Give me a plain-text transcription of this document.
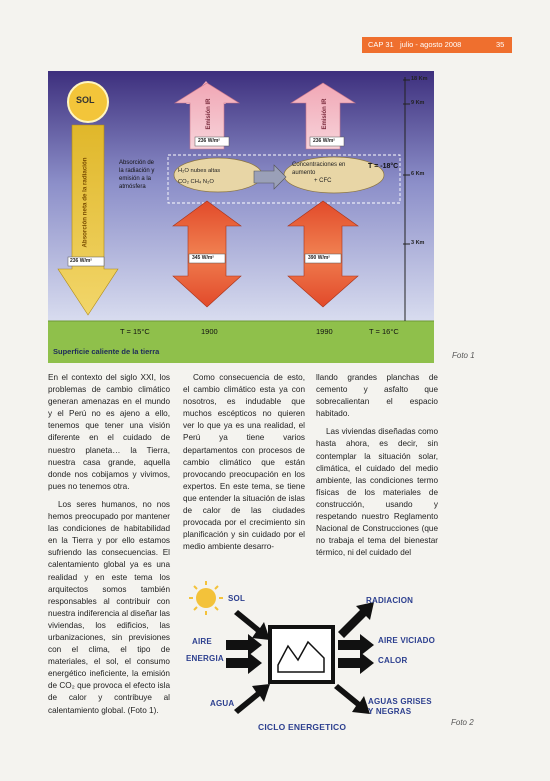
CAP 31 julio - agosto 2008	35
SOL
Absorción neta de la radiación
236 W/m²
Emisión IR	Emisión IR
236 W/m²	236 W/m²
Absorción de
la radiación y
emisión a la
atmósfera
H₂O nubes altas
CO₂ CH₄ N₂O
Concentraciones en
aumento
+ CFC
T = -18°C
345 W/m²	390 W/m²
18 Km
9 Km
6 Km
3 Km
T = 15°C	1900	1990	T = 16°C
Superficie caliente de la tierra	Foto 1

En el contexto del siglo XXI, los problemas de cambio climático generan amenazas en el mundo y el Perú no es ajeno a ello, tenemos que tener una visión diferente en el cuidado de nuestro planeta… la Tierra, nuestra casa grande, aquella donde nos cobijamos y vivimos, pues no tenemos otra.

Los seres humanos, no nos hemos preocupado por mantener las condiciones de habitabilidad en la Tierra y por ello estamos sufriendo las consecuencias. El calentamiento global ya es una realidad y en este tema los arquitectos somos también responsables al contribuir con nuestra indiferencia al diseñar las viviendas, los edificios, las urbanizaciones, sin previsiones con el clima, el tipo de materiales, el sol, el consumo energético ineficiente, la emisión de CO₂ que provoca el efecto isla de calor y contribuye al calentamiento global. (Foto 1).

Como consecuencia de esto, el cambio climático esta ya con nosotros, es indudable que muchos escépticos no quieren ver lo que ya es una realidad, el Perú ya tiene varios departamentos con procesos de cambio climático que están provocando preocupación en los expertos. En este tema, se tiene que entender la situación de islas de calor de las ciudades provocada por el crecimiento sin planificación y sin cuidado por el medio ambiente desarro-

llando grandes planchas de cemento y asfalto que sobrecalientan el espacio habitado.

Las viviendas diseñadas como hasta ahora, es decir, sin contemplar la situación solar, climática, el cuidado del medio ambiente, las condiciones termo físicas de los materiales de construcción, usando y respetando nuestro Reglamento Nacional de Construcciones (que no trabaja el tema del bienestar térmico, ni del cuidado del

SOL	RADIACION
AIRE
ENERGIA
AIRE VICIADO
CALOR
AGUA	AGUAS GRISES
Y NEGRAS
CICLO ENERGETICO	Foto 2
